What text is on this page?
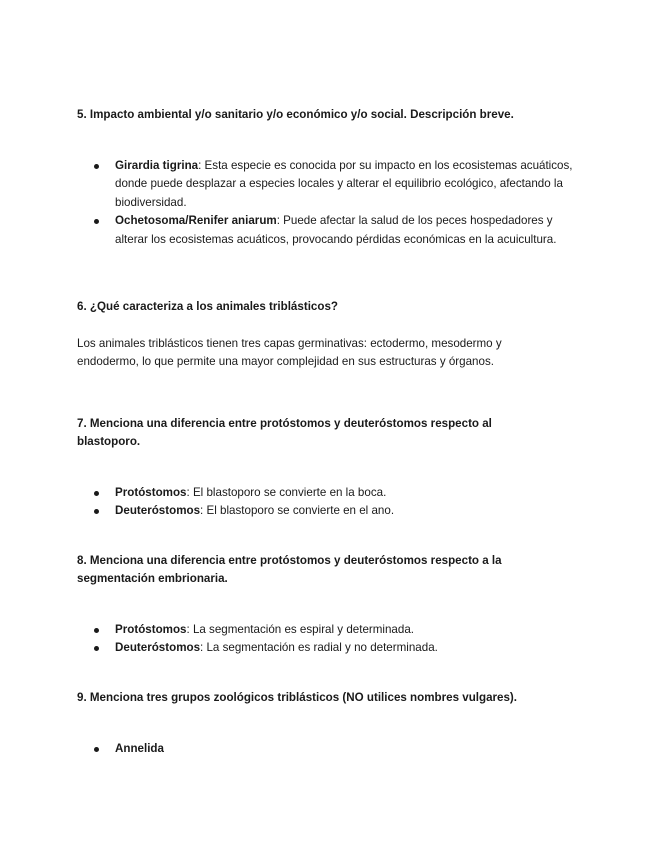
5. Impacto ambiental y/o sanitario y/o económico y/o social. Descripción breve.

Girardia tigrina: Esta especie es conocida por su impacto en los ecosistemas acuáticos, donde puede desplazar a especies locales y alterar el equilibrio ecológico, afectando la biodiversidad.
Ochetosoma/Renifer aniarum: Puede afectar la salud de los peces hospedadores y alterar los ecosistemas acuáticos, provocando pérdidas económicas en la acuicultura.

6. ¿Qué caracteriza a los animales triblásticos?

Los animales triblásticos tienen tres capas germinativas: ectodermo, mesodermo y endodermo, lo que permite una mayor complejidad en sus estructuras y órganos.

7. Menciona una diferencia entre protóstomos y deuteróstomos respecto al blastoporo.

Protóstomos: El blastoporo se convierte en la boca.
Deuteróstomos: El blastoporo se convierte en el ano.

8. Menciona una diferencia entre protóstomos y deuteróstomos respecto a la segmentación embrionaria.

Protóstomos: La segmentación es espiral y determinada.
Deuteróstomos: La segmentación es radial y no determinada.

9. Menciona tres grupos zoológicos triblásticos (NO utilices nombres vulgares).

Annelida
